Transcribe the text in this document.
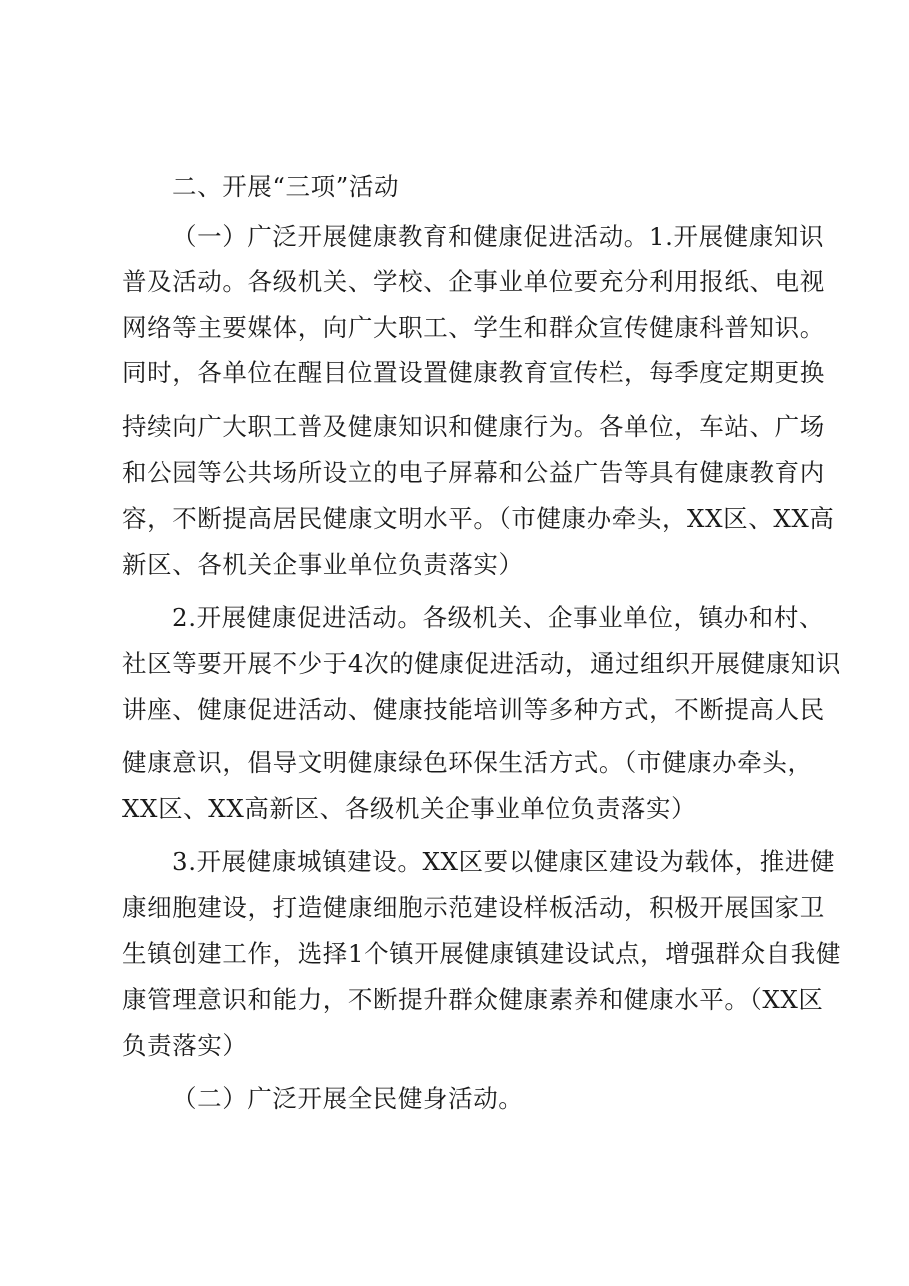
二、开展“三项”活动
（一）广泛开展健康教育和健康促进活动。1.开展健康知识
普及活动。各级机关、学校、企事业单位要充分利用报纸、电视
网络等主要媒体，向广大职工、学生和群众宣传健康科普知识。
同时，各单位在醒目位置设置健康教育宣传栏，每季度定期更换
持续向广大职工普及健康知识和健康行为。各单位，车站、广场
和公园等公共场所设立的电子屏幕和公益广告等具有健康教育内
容，不断提高居民健康文明水平。（市健康办牵头，XX区、XX高
新区、各机关企事业单位负责落实）
2.开展健康促进活动。各级机关、企事业单位，镇办和村、
社区等要开展不少于4次的健康促进活动，通过组织开展健康知识
讲座、健康促进活动、健康技能培训等多种方式，不断提高人民
健康意识，倡导文明健康绿色环保生活方式。（市健康办牵头，
XX区、XX高新区、各级机关企事业单位负责落实）
3.开展健康城镇建设。XX区要以健康区建设为载体，推进健
康细胞建设，打造健康细胞示范建设样板活动，积极开展国家卫
生镇创建工作，选择1个镇开展健康镇建设试点，增强群众自我健
康管理意识和能力，不断提升群众健康素养和健康水平。（XX区
负责落实）
（二）广泛开展全民健身活动。
